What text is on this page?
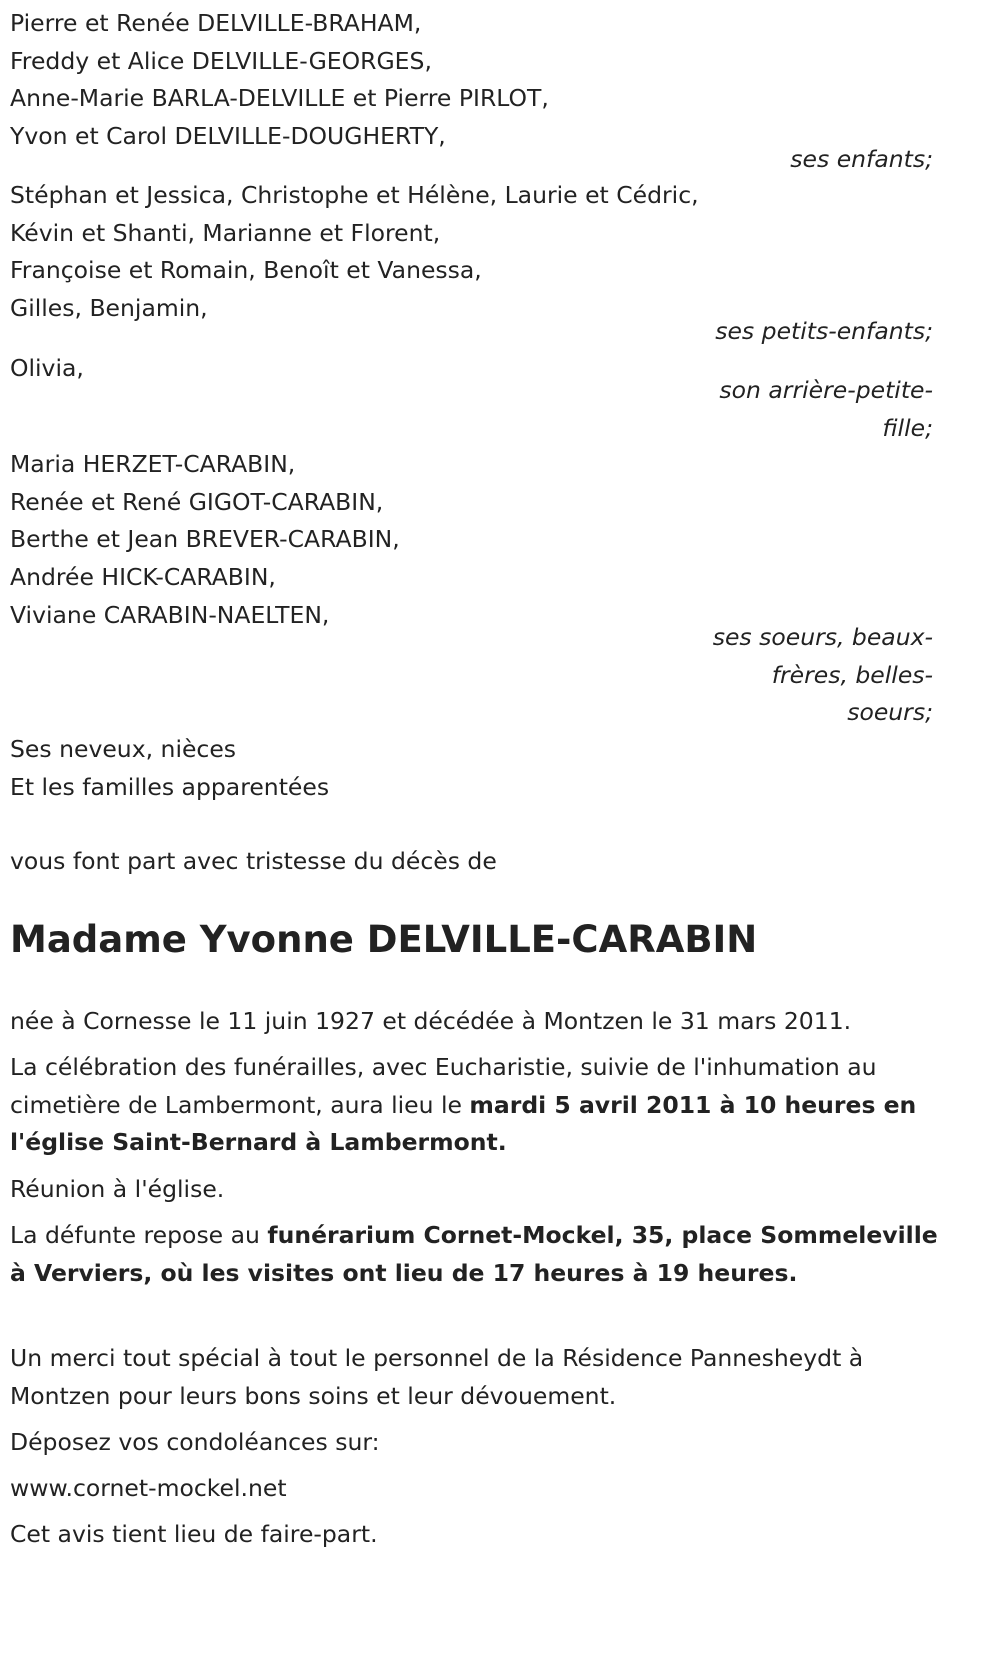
Pierre et Renée DELVILLE-BRAHAM,
Freddy et Alice DELVILLE-GEORGES,
Anne-Marie BARLA-DELVILLE et Pierre PIRLOT,
Yvon et Carol DELVILLE-DOUGHERTY,
ses enfants;
Stéphan et Jessica, Christophe et Hélène, Laurie et Cédric,
Kévin et Shanti, Marianne et Florent,
Françoise et Romain, Benoît et Vanessa,
Gilles, Benjamin,
ses petits-enfants;
Olivia,
son arrière-petite-
fille;
Maria HERZET-CARABIN,
Renée et René GIGOT-CARABIN,
Berthe et Jean BREVER-CARABIN,
Andrée HICK-CARABIN,
Viviane CARABIN-NAELTEN,
ses soeurs, beaux-
frères, belles-
soeurs;
Ses neveux, nièces
Et les familles apparentées
vous font part avec tristesse du décès de
Madame Yvonne DELVILLE-CARABIN
née à Cornesse le 11 juin 1927 et décédée à Montzen le 31 mars 2011.
La célébration des funérailles, avec Eucharistie, suivie de l'inhumation au cimetière de Lambermont, aura lieu le mardi 5 avril 2011 à 10 heures en l'église Saint-Bernard à Lambermont.
Réunion à l'église.
La défunte repose au funérarium Cornet-Mockel, 35, place Sommeleville à Verviers, où les visites ont lieu de 17 heures à 19 heures.
Un merci tout spécial à tout le personnel de la Résidence Pannesheydt à Montzen pour leurs bons soins et leur dévouement.
Déposez vos condoléances sur:
www.cornet-mockel.net
Cet avis tient lieu de faire-part.
